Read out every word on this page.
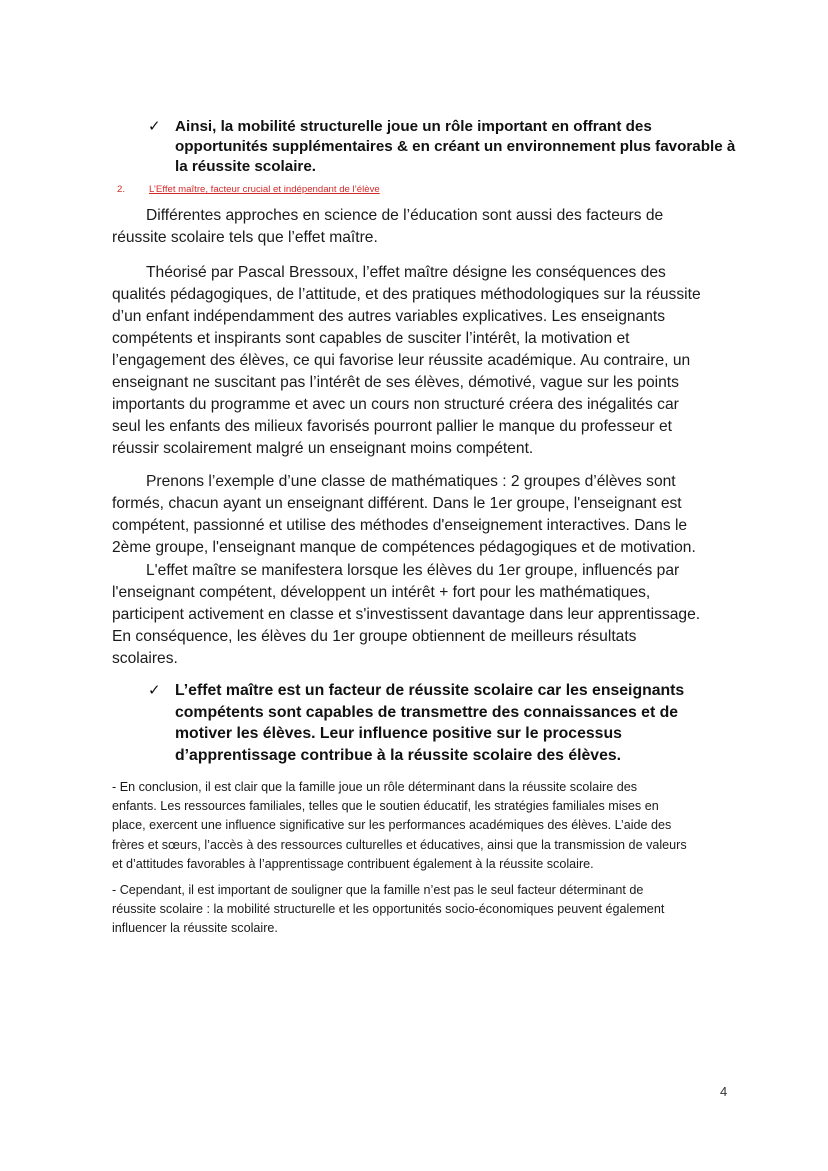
✓ Ainsi, la mobilité structurelle joue un rôle important en offrant des
opportunités supplémentaires & en créant un environnement plus favorable à
la réussite scolaire.
2. L’Effet maître, facteur crucial et indépendant de l’élève
Différentes approches en science de l’éducation sont aussi des facteurs de
réussite scolaire tels que l’effet maître.
Théorisé par Pascal Bressoux, l’effet maître désigne les conséquences des
qualités pédagogiques, de l’attitude, et des pratiques méthodologiques sur la réussite
d’un enfant indépendamment des autres variables explicatives. Les enseignants
compétents et inspirants sont capables de susciter l’intérêt, la motivation et
l’engagement des élèves, ce qui favorise leur réussite académique. Au contraire, un
enseignant ne suscitant pas l’intérêt de ses élèves, démotivé, vague sur les points
importants du programme et avec un cours non structuré créera des inégalités car
seul les enfants des milieux favorisés pourront pallier le manque du professeur et
réussir scolairement malgré un enseignant moins compétent.
Prenons l’exemple d’une classe de mathématiques : 2 groupes d’élèves sont
formés, chacun ayant un enseignant différent. Dans le 1er groupe, l'enseignant est
compétent, passionné et utilise des méthodes d'enseignement interactives. Dans le
2ème groupe, l'enseignant manque de compétences pédagogiques et de motivation.
L'effet maître se manifestera lorsque les élèves du 1er groupe, influencés par
l'enseignant compétent, développent un intérêt + fort pour les mathématiques,
participent activement en classe et s'investissent davantage dans leur apprentissage.
En conséquence, les élèves du 1er groupe obtiennent de meilleurs résultats
scolaires.
✓ L’effet maître est un facteur de réussite scolaire car les enseignants
compétents sont capables de transmettre des connaissances et de
motiver les élèves. Leur influence positive sur le processus
d’apprentissage contribue à la réussite scolaire des élèves.
- En conclusion, il est clair que la famille joue un rôle déterminant dans la réussite scolaire des
enfants. Les ressources familiales, telles que le soutien éducatif, les stratégies familiales mises en
place, exercent une influence significative sur les performances académiques des élèves. L’aide des
frères et sœurs, l’accès à des ressources culturelles et éducatives, ainsi que la transmission de valeurs
et d’attitudes favorables à l’apprentissage contribuent également à la réussite scolaire.
- Cependant, il est important de souligner que la famille n’est pas le seul facteur déterminant de
réussite scolaire : la mobilité structurelle et les opportunités socio-économiques peuvent également
influencer la réussite scolaire.
4
